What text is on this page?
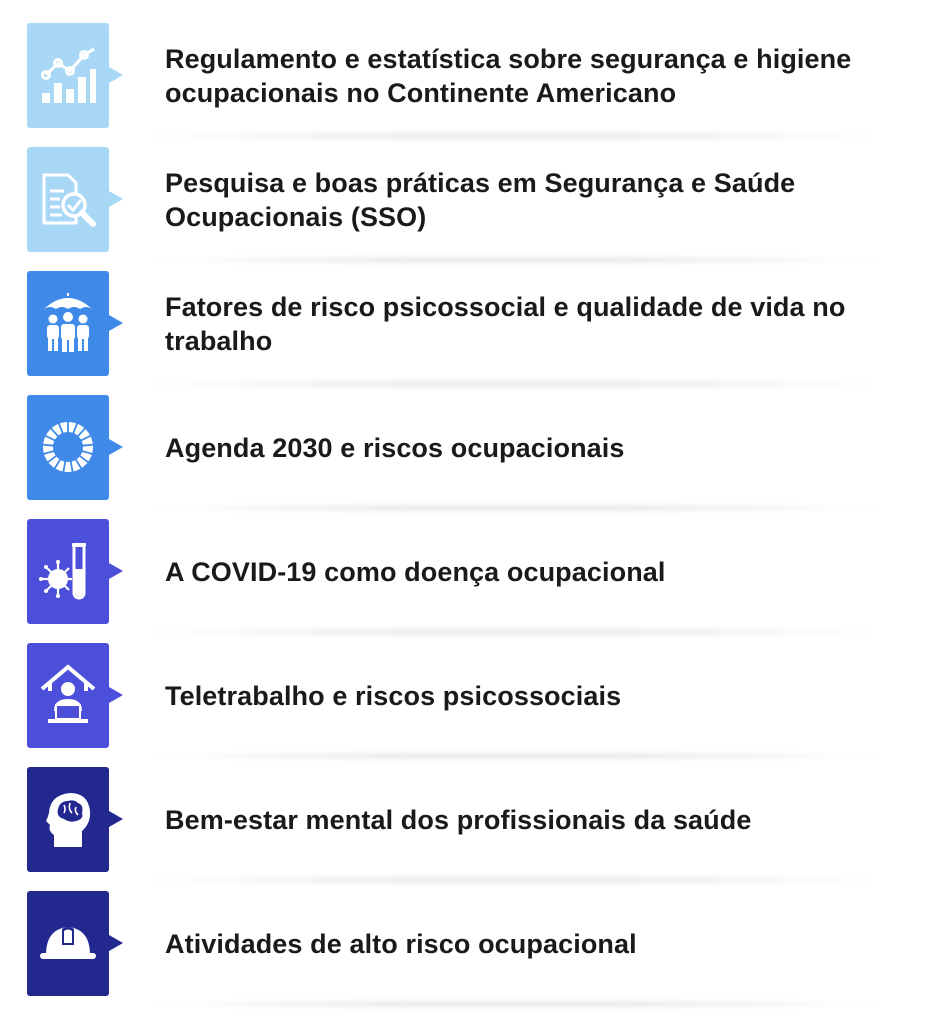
Regulamento e estatística sobre segurança e higiene ocupacionais no Continente Americano
Pesquisa e boas práticas em Segurança e Saúde Ocupacionais (SSO)
Fatores de risco psicossocial e qualidade de vida no trabalho
Agenda 2030 e riscos ocupacionais
A COVID-19 como doença ocupacional
Teletrabalho e riscos psicossociais
Bem-estar mental dos profissionais da saúde
Atividades de alto risco ocupacional
